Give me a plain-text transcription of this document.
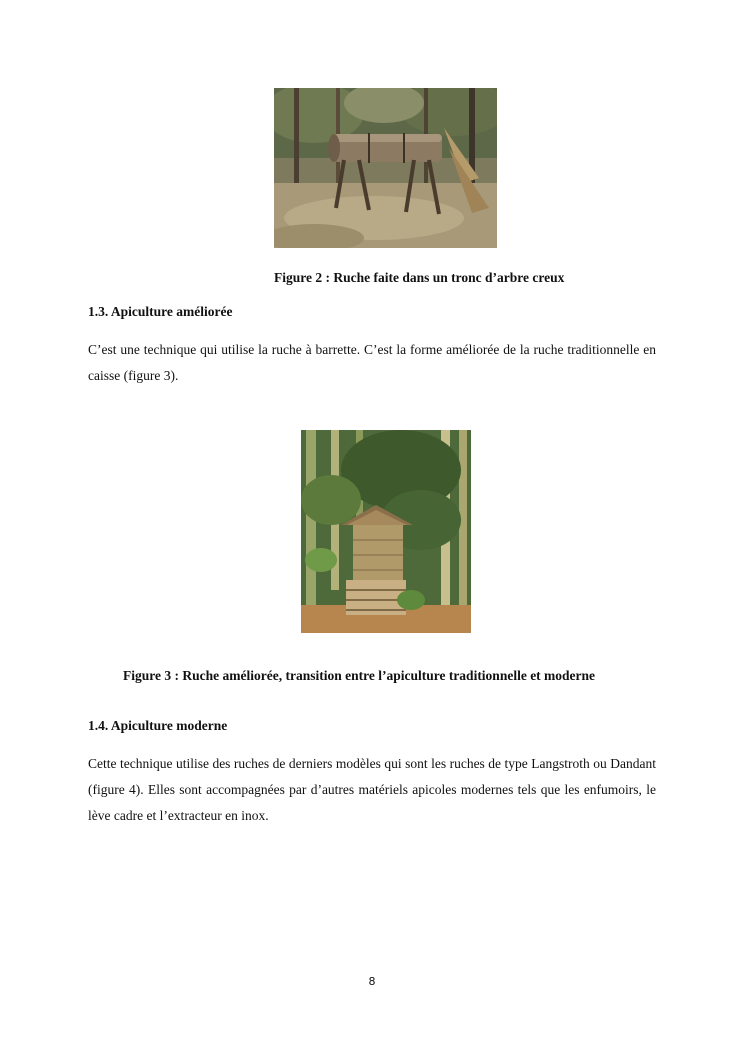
Figure 2 : Ruche faite dans un tronc d’arbre creux
1.3. Apiculture améliorée

C’est une technique qui utilise la ruche à barrette. C’est la forme améliorée de la ruche traditionnelle en caisse (figure 3).

Figure 3 : Ruche améliorée, transition entre l’apiculture traditionnelle et moderne
1.4. Apiculture moderne

Cette technique utilise des ruches de derniers modèles qui sont les ruches de type Langstroth ou Dandant (figure 4). Elles sont accompagnées par d’autres matériels apicoles modernes tels que les enfumoirs, le lève cadre et l’extracteur en inox.

8
